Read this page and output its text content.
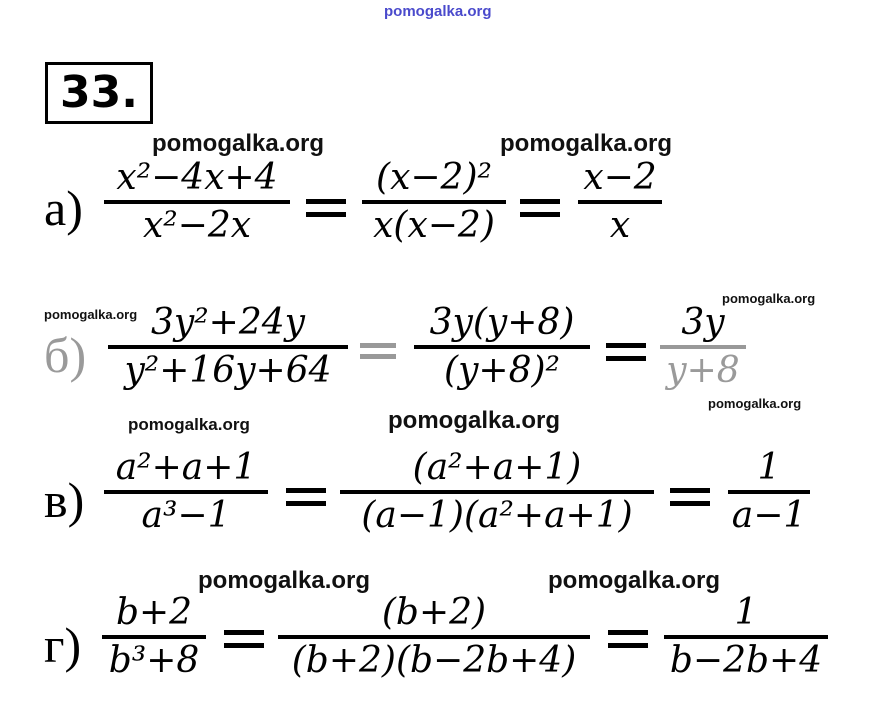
pomogalka.org
33.
pomogalka.org	pomogalka.org
а)
x²−4x+4
x²−2x
(x−2)²
x(x−2)
x−2
x
pomogalka.org
pomogalka.org
б)
3y²+24y
y²+16y+64
3y(y+8)
(y+8)²
3y
y+8
pomogalka.org
pomogalka.org	pomogalka.org
в)
a²+a+1
a³−1
(a²+a+1)
(a−1)(a²+a+1)
1
a−1
pomogalka.org	pomogalka.org
г)
b+2
b³+8
(b+2)
(b+2)(b−2b+4)
1
b−2b+4
